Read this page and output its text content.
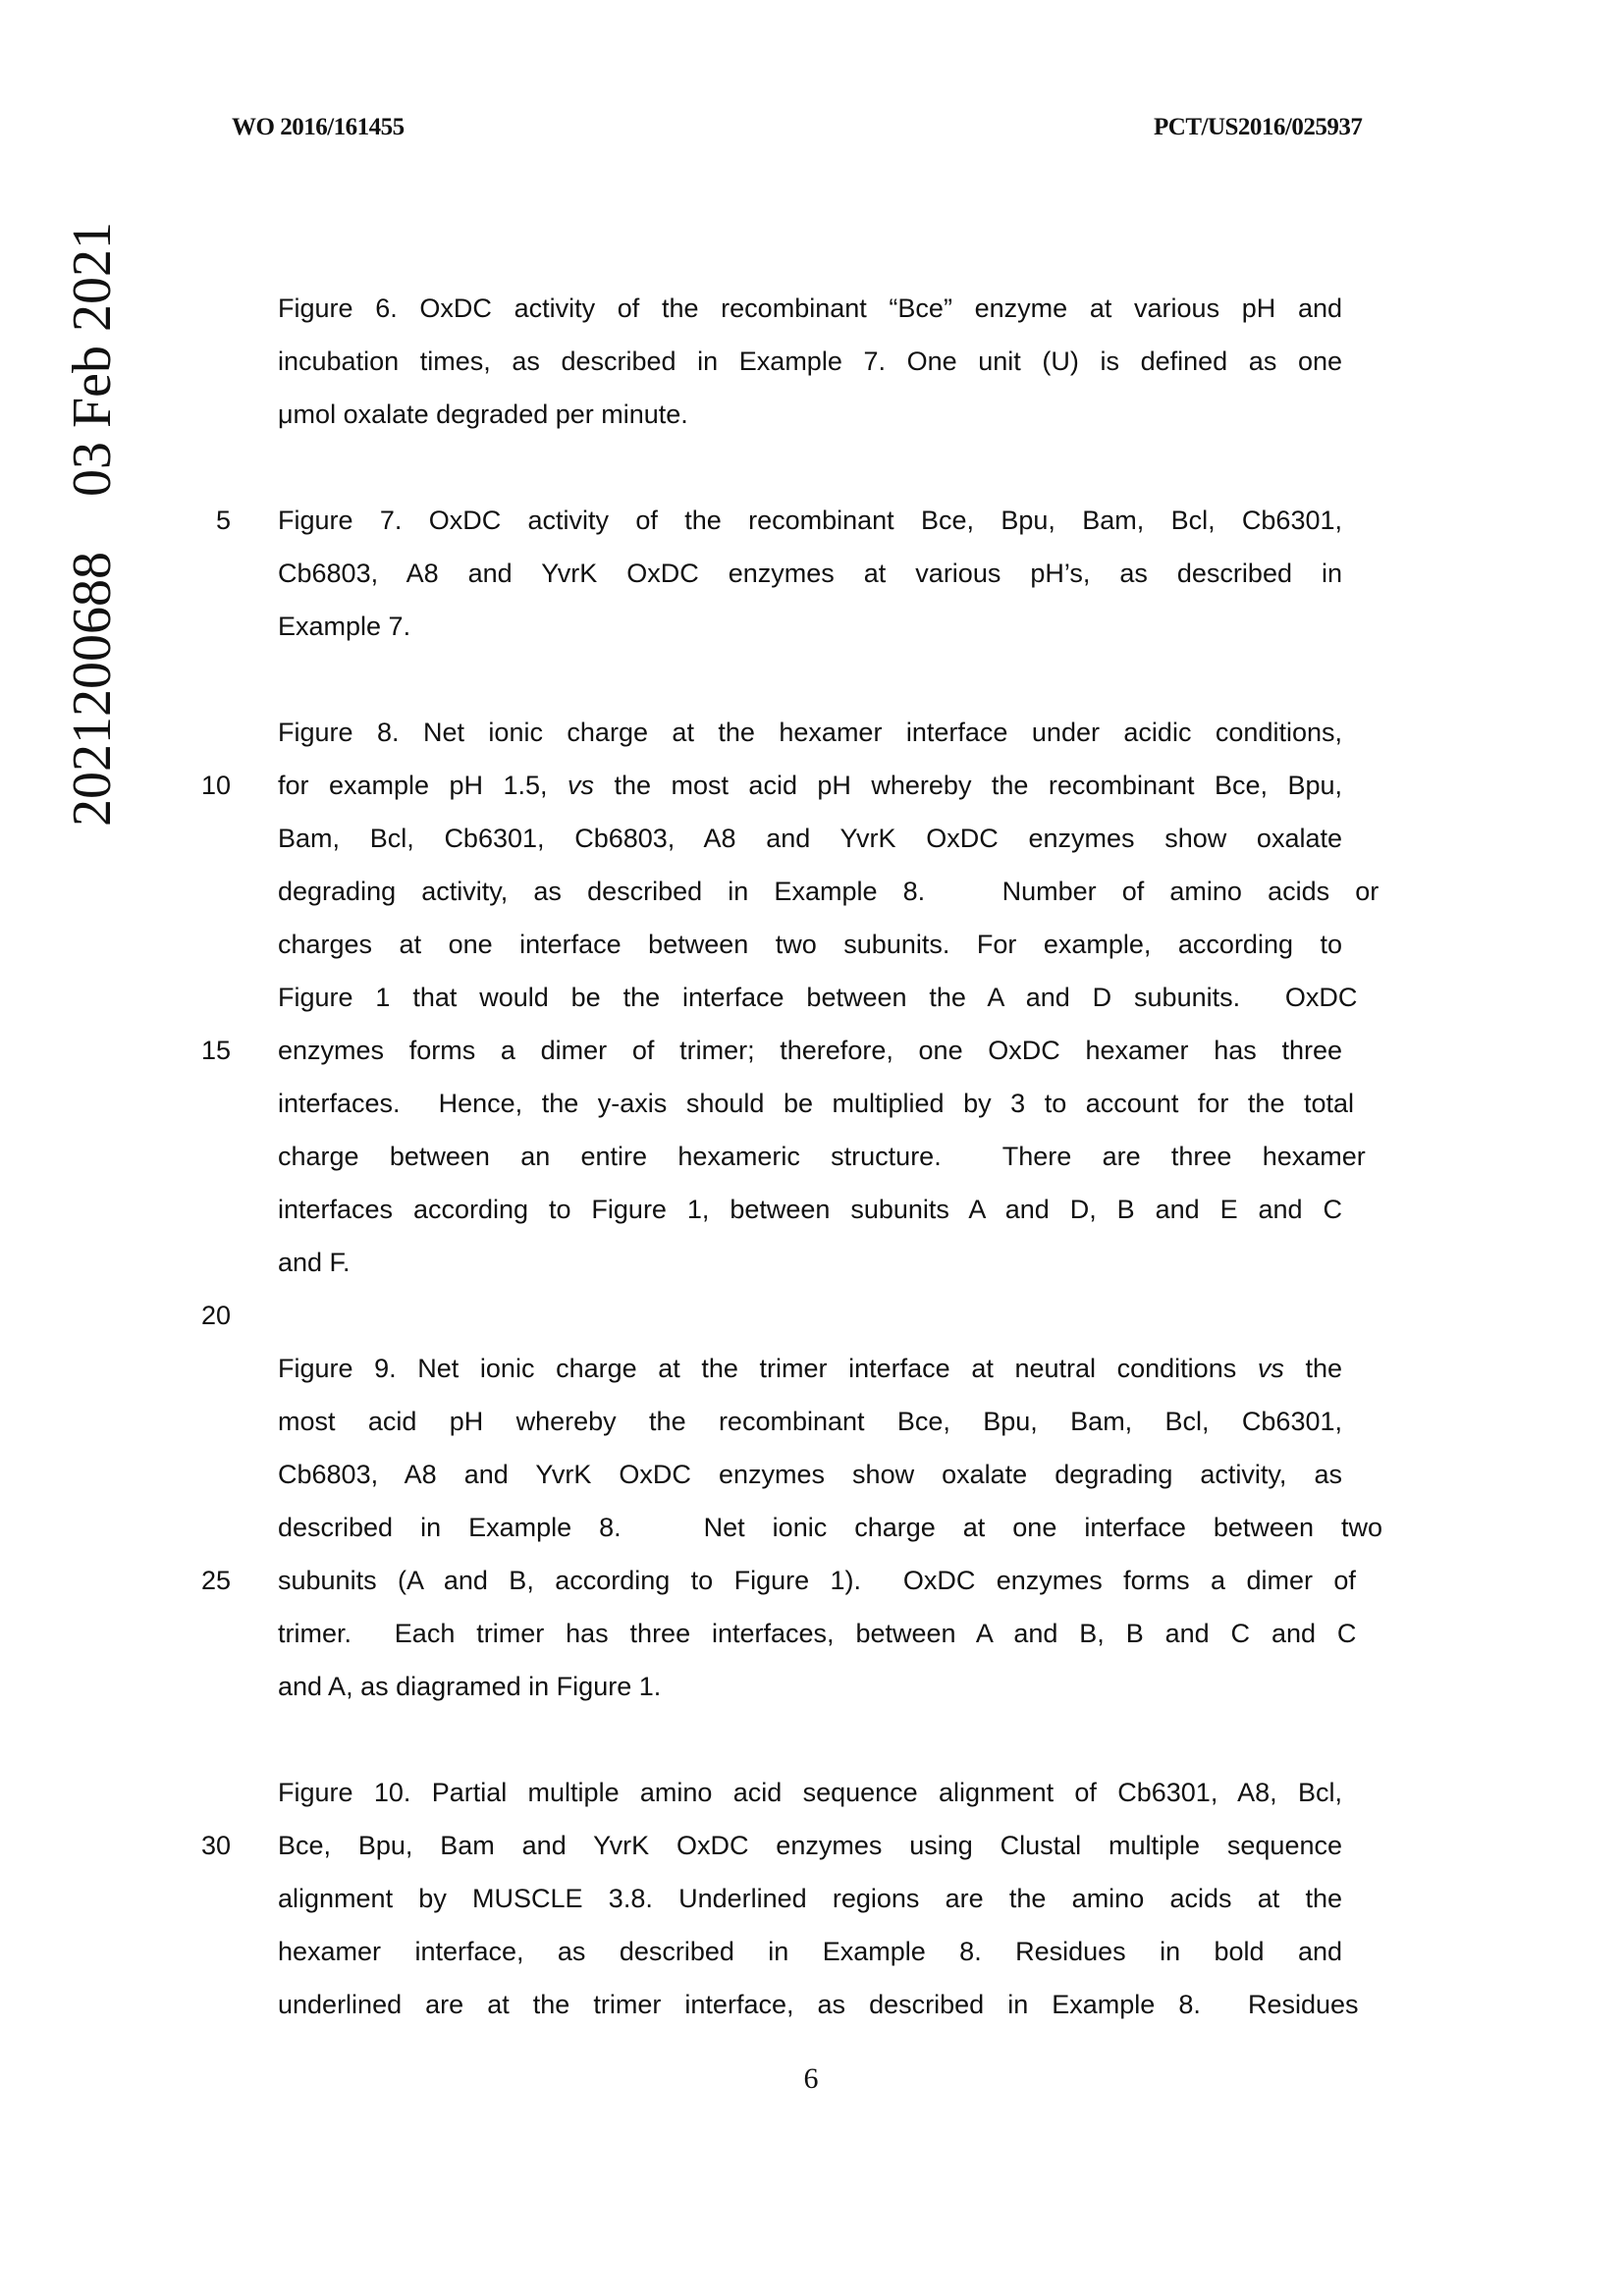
WO 2016/161455	PCT/US2016/025937
2021200688    03 Feb 2021	Figure 6. OxDC activity of the recombinant “Bce” enzyme at various pH and
incubation times, as described in Example 7. One unit (U) is defined as one
μmol oxalate degraded per minute.
5 Figure 7. OxDC activity of the recombinant Bce, Bpu, Bam, Bcl, Cb6301,
Cb6803, A8 and YvrK OxDC enzymes at various pH’s, as described in
Example 7.
Figure 8. Net ionic charge at the hexamer interface under acidic conditions,
10 for example pH 1.5, vs the most acid pH whereby the recombinant Bce, Bpu,
Bam, Bcl, Cb6301, Cb6803, A8 and YvrK OxDC enzymes show oxalate
degrading activity, as described in Example 8.   Number of amino acids or
charges at one interface between two subunits. For example, according to
Figure 1 that would be the interface between the A and D subunits.  OxDC
15 enzymes forms a dimer of trimer; therefore, one OxDC hexamer has three
interfaces.  Hence, the y-axis should be multiplied by 3 to account for the total
charge between an entire hexameric structure.  There are three hexamer
interfaces according to Figure 1, between subunits A and D, B and E and C
and F.
20
Figure 9. Net ionic charge at the trimer interface at neutral conditions vs the
most acid pH whereby the recombinant Bce, Bpu, Bam, Bcl, Cb6301,
Cb6803, A8 and YvrK OxDC enzymes show oxalate degrading activity, as
described in Example 8.   Net ionic charge at one interface between two
25 subunits (A and B, according to Figure 1).  OxDC enzymes forms a dimer of
trimer.  Each trimer has three interfaces, between A and B, B and C and C
and A, as diagramed in Figure 1.
Figure 10. Partial multiple amino acid sequence alignment of Cb6301, A8, Bcl,
30 Bce, Bpu, Bam and YvrK OxDC enzymes using Clustal multiple sequence
alignment by MUSCLE 3.8. Underlined regions are the amino acids at the
hexamer interface, as described in Example 8. Residues in bold and
underlined are at the trimer interface, as described in Example 8.  Residues
6
